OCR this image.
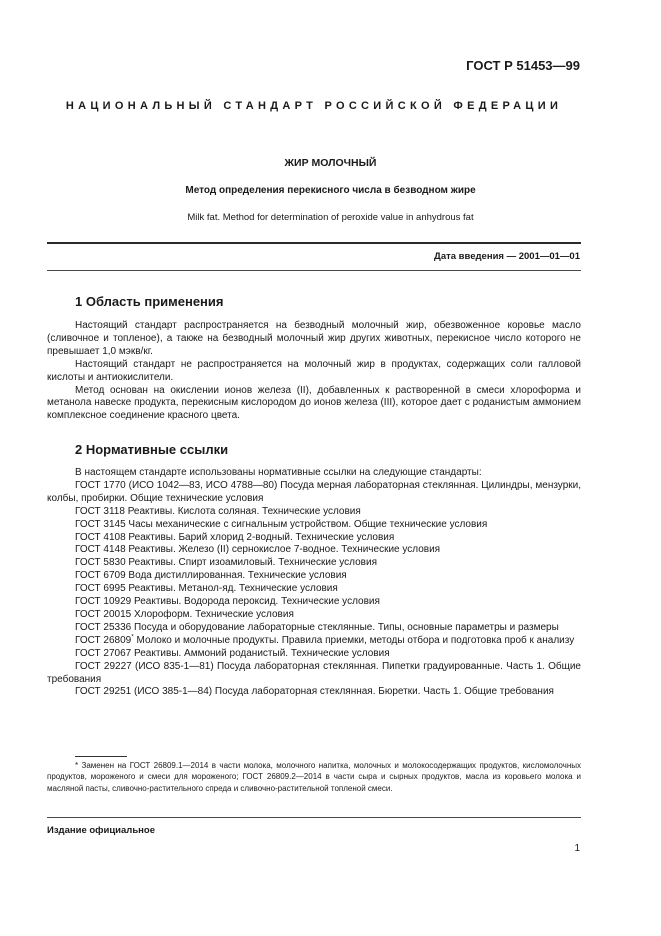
ГОСТ Р 51453—99
НАЦИОНАЛЬНЫЙ СТАНДАРТ РОССИЙСКОЙ ФЕДЕРАЦИИ
ЖИР МОЛОЧНЫЙ
Метод определения перекисного числа в безводном жире
Milk fat. Method for determination of peroxide value in anhydrous fat
Дата введения — 2001—01—01
1 Область применения

Настоящий стандарт распространяется на безводный молочный жир, обезвоженное коровье масло (сливочное и топленое), а также на безводный молочный жир других животных, перекисное число которого не превышает 1,0 мэкв/кг.

Настоящий стандарт не распространяется на молочный жир в продуктах, содержащих соли галловой кислоты и антиокислители.

Метод основан на окислении ионов железа (II), добавленных к растворенной в смеси хлороформа и метанола навеске продукта, перекисным кислородом до ионов железа (III), которое дает с роданистым аммонием комплексное соединение красного цвета.

2 Нормативные ссылки

В настоящем стандарте использованы нормативные ссылки на следующие стандарты:

ГОСТ 1770 (ИСО 1042—83, ИСО 4788—80) Посуда мерная лабораторная стеклянная. Цилиндры, мензурки, колбы, пробирки. Общие технические условия

ГОСТ 3118 Реактивы. Кислота соляная. Технические условия

ГОСТ 3145 Часы механические с сигнальным устройством. Общие технические условия

ГОСТ 4108 Реактивы. Барий хлорид 2-водный. Технические условия

ГОСТ 4148 Реактивы. Железо (II) сернокислое 7-водное. Технические условия

ГОСТ 5830 Реактивы. Спирт изоамиловый. Технические условия

ГОСТ 6709 Вода дистиллированная. Технические условия

ГОСТ 6995 Реактивы. Метанол-яд. Технические условия

ГОСТ 10929 Реактивы. Водорода пероксид. Технические условия

ГОСТ 20015 Хлороформ. Технические условия

ГОСТ 25336 Посуда и оборудование лабораторные стеклянные. Типы, основные параметры и размеры

ГОСТ 26809* Молоко и молочные продукты. Правила приемки, методы отбора и подготовка проб к анализу

ГОСТ 27067 Реактивы. Аммоний роданистый. Технические условия

ГОСТ 29227 (ИСО 835-1—81) Посуда лабораторная стеклянная. Пипетки градуированные. Часть 1. Общие требования

ГОСТ 29251 (ИСО 385-1—84) Посуда лабораторная стеклянная. Бюретки. Часть 1. Общие требования

* Заменен на ГОСТ 26809.1—2014 в части молока, молочного напитка, молочных и молокосодержащих продуктов, кисломолочных продуктов, мороженого и смеси для мороженого; ГОСТ 26809.2—2014 в части сыра и сырных продуктов, масла из коровьего молока и масляной пасты, сливочно-растительного спреда и сливочно-растительной топленой смеси.

Издание официальное
1
